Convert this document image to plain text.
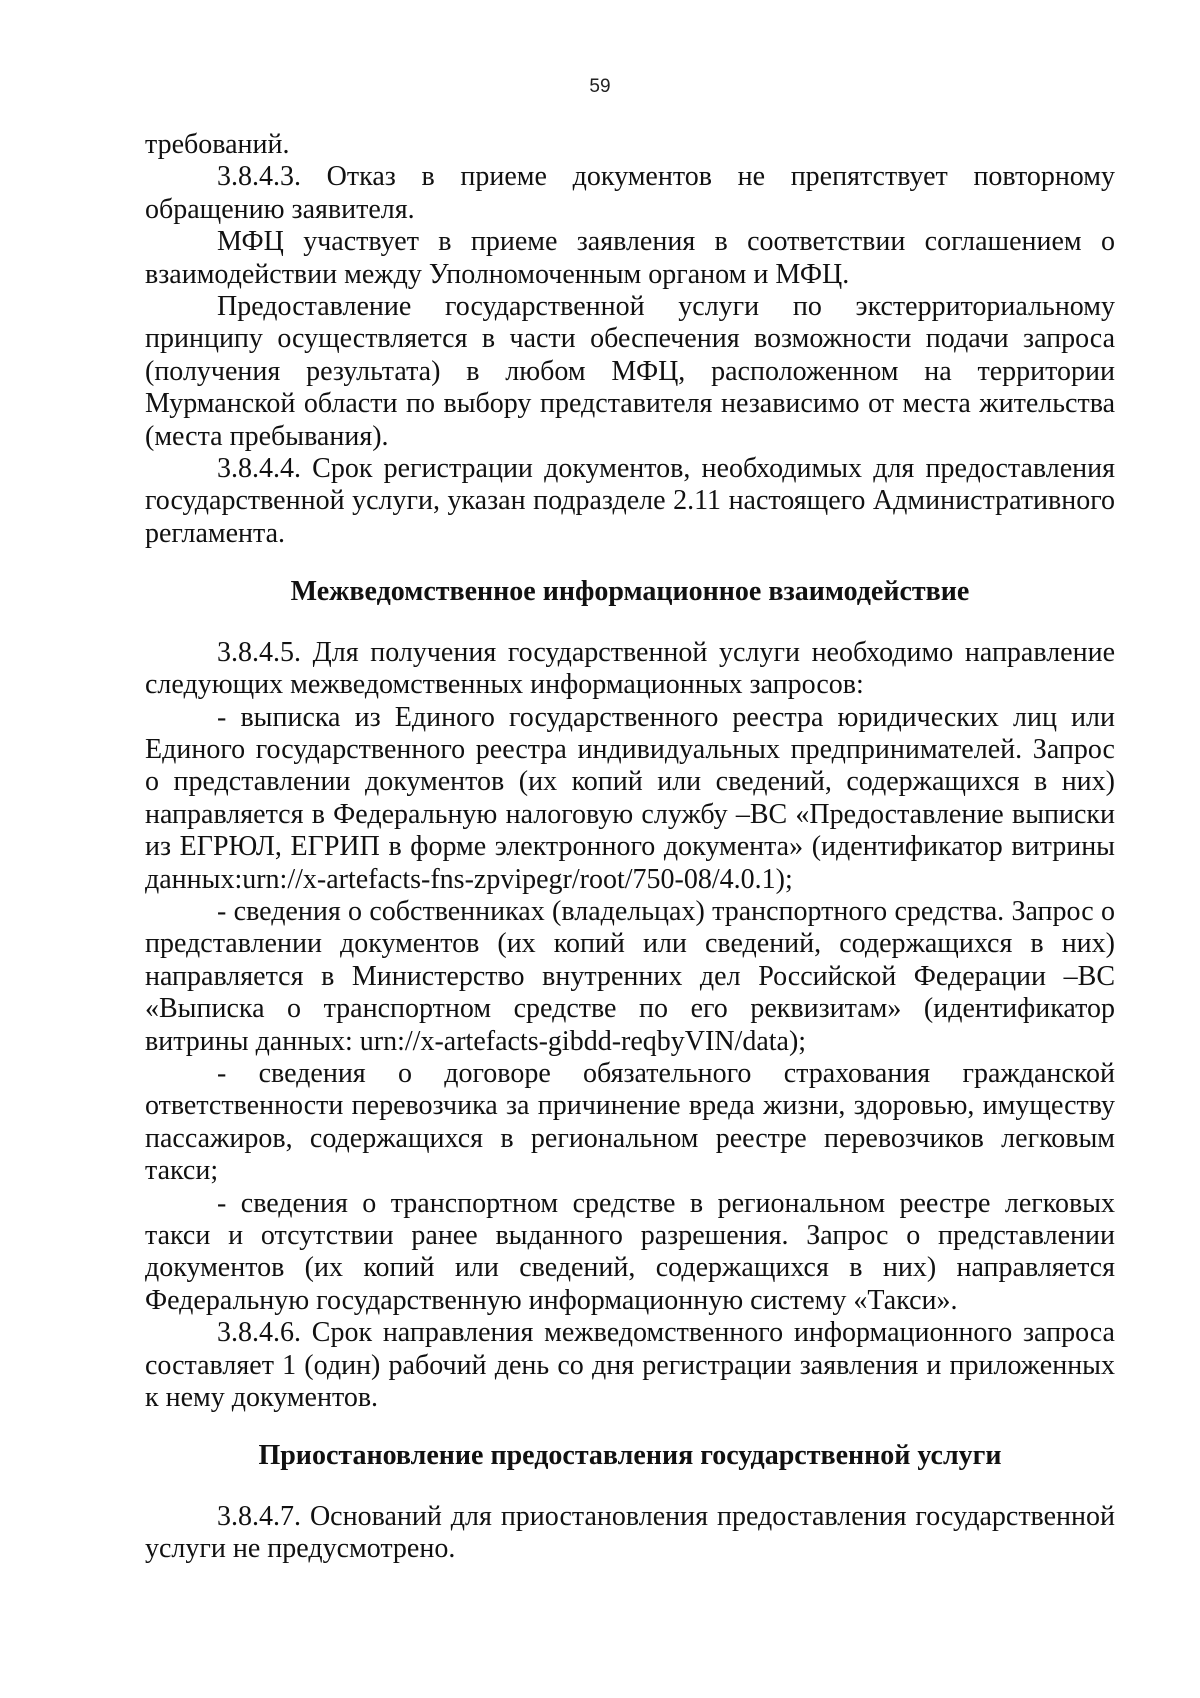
59

требований.

3.8.4.3. Отказ в приеме документов не препятствует повторному обращению заявителя.

МФЦ участвует в приеме заявления в соответствии соглашением о взаимодействии между Уполномоченным органом и МФЦ.

Предоставление государственной услуги по экстерриториальному принципу осуществляется в части обеспечения возможности подачи запроса (получения результата) в любом МФЦ, расположенном на территории Мурманской области по выбору представителя независимо от места жительства (места пребывания).

3.8.4.4. Срок регистрации документов, необходимых для предоставления государственной услуги, указан подразделе 2.11 настоящего Административного регламента.

Межведомственное информационное взаимодействие

3.8.4.5. Для получения государственной услуги необходимо направление следующих межведомственных информационных запросов:

- выписка из Единого государственного реестра юридических лиц или Единого государственного реестра индивидуальных предпринимателей. Запрос о представлении документов (их копий или сведений, содержащихся в них) направляется в Федеральную налоговую службу –ВС «Предоставление выписки из ЕГРЮЛ, ЕГРИП в форме электронного документа» (идентификатор витрины данных:urn://x-artefacts-fns-zpvipegr/root/750-08/4.0.1);

- сведения о собственниках (владельцах) транспортного средства. Запрос о представлении документов (их копий или сведений, содержащихся в них) направляется в Министерство внутренних дел Российской Федерации –ВС «Выписка о транспортном средстве по его реквизитам» (идентификатор витрины данных: urn://x-artefacts-gibdd-reqbyVIN/data);

- сведения о договоре обязательного страхования гражданской ответственности перевозчика за причинение вреда жизни, здоровью, имуществу пассажиров, содержащихся в региональном реестре перевозчиков легковым такси;

- сведения о транспортном средстве в региональном реестре легковых такси и отсутствии ранее выданного разрешения. Запрос о представлении документов (их копий или сведений, содержащихся в них) направляется Федеральную государственную информационную систему «Такси».

3.8.4.6. Срок направления межведомственного информационного запроса составляет 1 (один) рабочий день со дня регистрации заявления и приложенных к нему документов.

Приостановление предоставления государственной услуги

3.8.4.7. Оснований для приостановления предоставления государственной услуги не предусмотрено.
